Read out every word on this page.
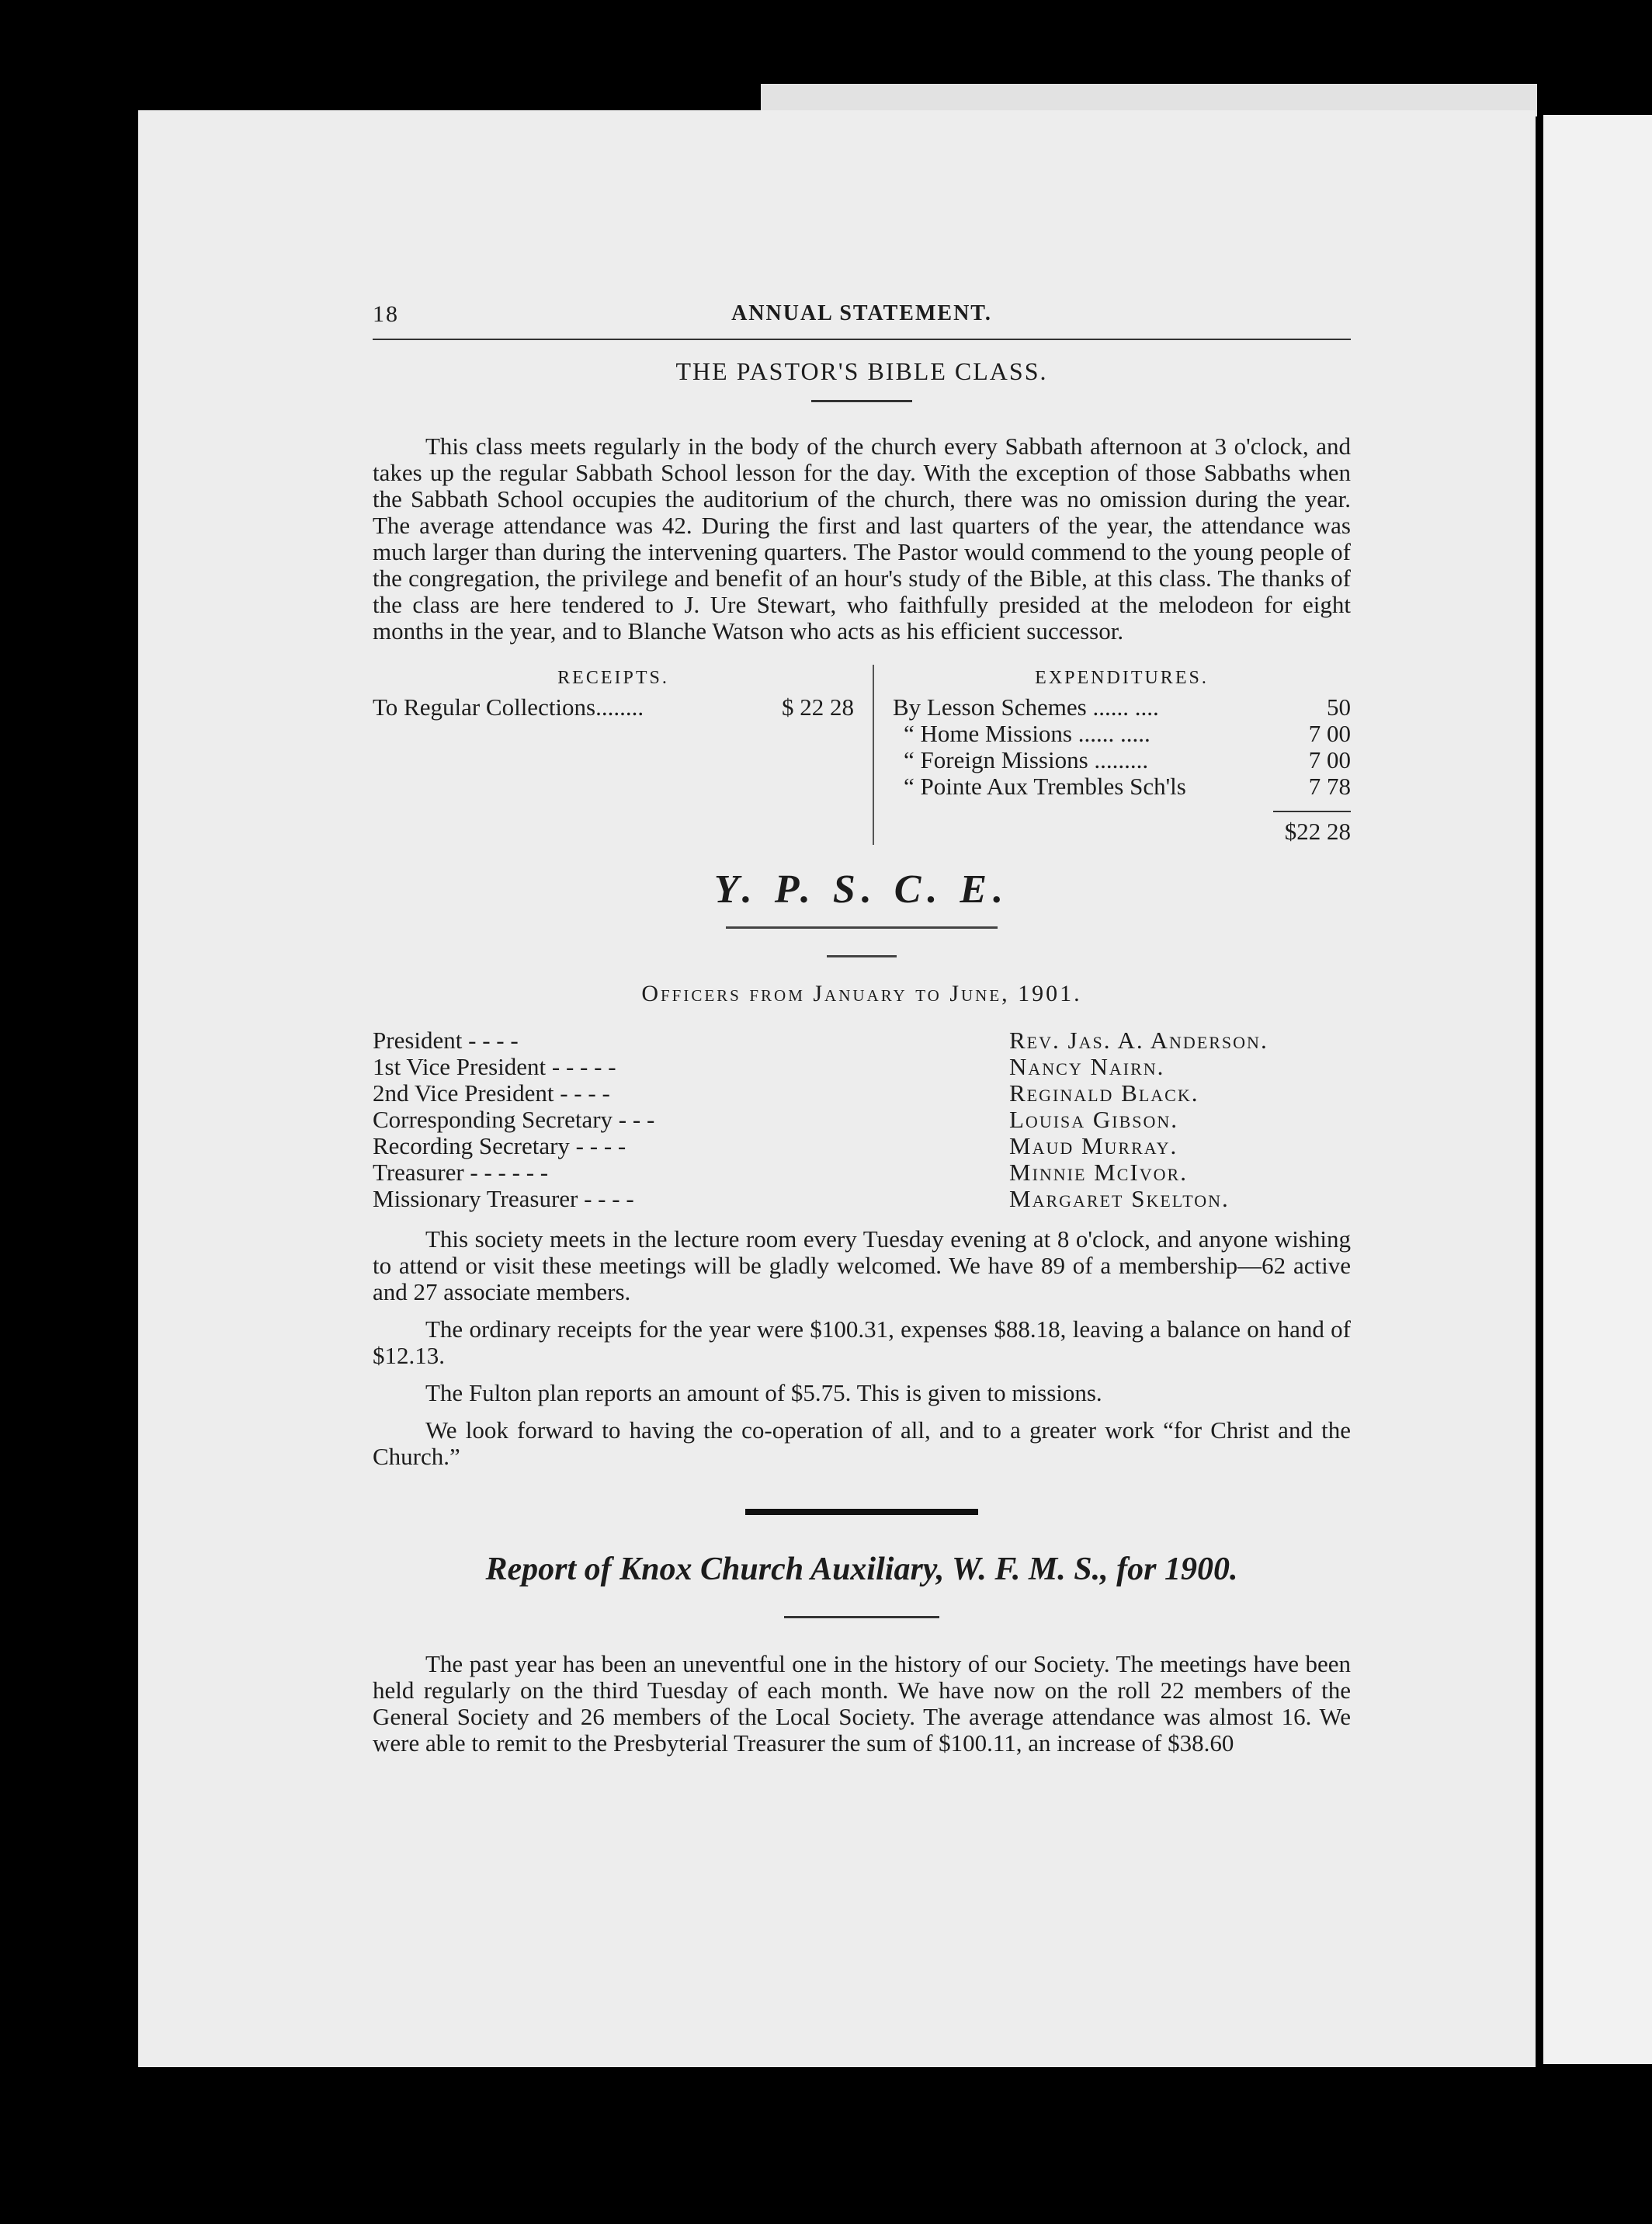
18	ANNUAL STATEMENT.
THE PASTOR'S BIBLE CLASS.

This class meets regularly in the body of the church every Sabbath afternoon at 3 o'clock, and takes up the regular Sabbath School lesson for the day. With the exception of those Sabbaths when the Sabbath School occupies the auditorium of the church, there was no omission during the year. The average attendance was 42. During the first and last quarters of the year, the attendance was much larger than during the intervening quarters. The Pastor would commend to the young people of the congregation, the privilege and benefit of an hour's study of the Bible, at this class. The thanks of the class are here tendered to J. Ure Stewart, who faithfully presided at the melodeon for eight months in the year, and to Blanche Watson who acts as his efficient successor.

RECEIPTS.
To Regular Collections........	$ 22 28
EXPENDITURES.
By Lesson Schemes ...... ....	50
“ Home Missions ...... .....	7 00
“ Foreign Missions .........	7 00
“ Pointe Aux Trembles Sch'ls	7 78
$22 28
Y. P. S. C. E.
Officers from January to June, 1901.
President - - - -	Rev. Jas. A. Anderson.
1st Vice President - - - - -	Nancy Nairn.
2nd Vice President - - - -	Reginald Black.
Corresponding Secretary - - -	Louisa Gibson.
Recording Secretary - - - -	Maud Murray.
Treasurer - - - - - -	Minnie McIvor.
Missionary Treasurer - - - -	Margaret Skelton.

This society meets in the lecture room every Tuesday evening at 8 o'clock, and anyone wishing to attend or visit these meetings will be gladly welcomed. We have 89 of a membership—62 active and 27 associate members.

The ordinary receipts for the year were $100.31, expenses $88.18, leaving a balance on hand of $12.13.

The Fulton plan reports an amount of $5.75. This is given to missions.

We look forward to having the co-operation of all, and to a greater work “for Christ and the Church.”

Report of Knox Church Auxiliary, W. F. M. S., for 1900.

The past year has been an uneventful one in the history of our Society. The meetings have been held regularly on the third Tuesday of each month. We have now on the roll 22 members of the General Society and 26 members of the Local Society. The average attendance was almost 16. We were able to remit to the Presbyterial Treasurer the sum of $100.11, an increase of $38.60
